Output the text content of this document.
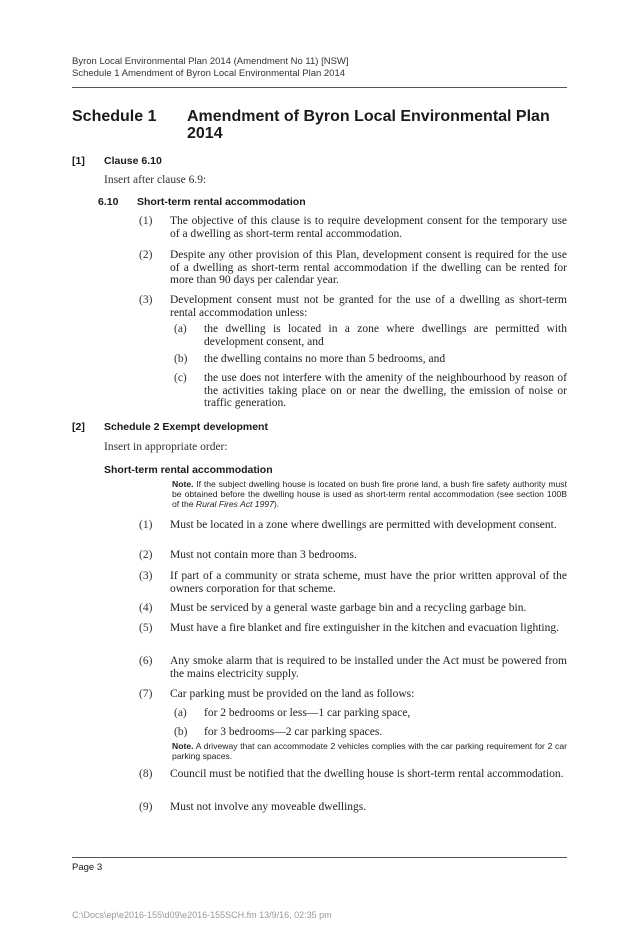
Byron Local Environmental Plan 2014 (Amendment No 11) [NSW]
Schedule 1 Amendment of Byron Local Environmental Plan 2014
Schedule 1 Amendment of Byron Local Environmental Plan 2014
[1] Clause 6.10
Insert after clause 6.9:
6.10 Short-term rental accommodation
(1) The objective of this clause is to require development consent for the temporary use of a dwelling as short-term rental accommodation.
(2) Despite any other provision of this Plan, development consent is required for the use of a dwelling as short-term rental accommodation if the dwelling can be rented for more than 90 days per calendar year.
(3) Development consent must not be granted for the use of a dwelling as short-term rental accommodation unless:
(a) the dwelling is located in a zone where dwellings are permitted with development consent, and
(b) the dwelling contains no more than 5 bedrooms, and
(c) the use does not interfere with the amenity of the neighbourhood by reason of the activities taking place on or near the dwelling, the emission of noise or traffic generation.
[2] Schedule 2 Exempt development
Insert in appropriate order:
Short-term rental accommodation
Note. If the subject dwelling house is located on bush fire prone land, a bush fire safety authority must be obtained before the dwelling house is used as short-term rental accommodation (see section 100B of the Rural Fires Act 1997).
(1) Must be located in a zone where dwellings are permitted with development consent.
(2) Must not contain more than 3 bedrooms.
(3) If part of a community or strata scheme, must have the prior written approval of the owners corporation for that scheme.
(4) Must be serviced by a general waste garbage bin and a recycling garbage bin.
(5) Must have a fire blanket and fire extinguisher in the kitchen and evacuation lighting.
(6) Any smoke alarm that is required to be installed under the Act must be powered from the mains electricity supply.
(7) Car parking must be provided on the land as follows:
(a) for 2 bedrooms or less—1 car parking space,
(b) for 3 bedrooms—2 car parking spaces.
Note. A driveway that can accommodate 2 vehicles complies with the car parking requirement for 2 car parking spaces.
(8) Council must be notified that the dwelling house is short-term rental accommodation.
(9) Must not involve any moveable dwellings.
Page 3
C:\Docs\ep\e2016-155\d09\e2016-155SCH.fm 13/9/16, 02:35 pm
